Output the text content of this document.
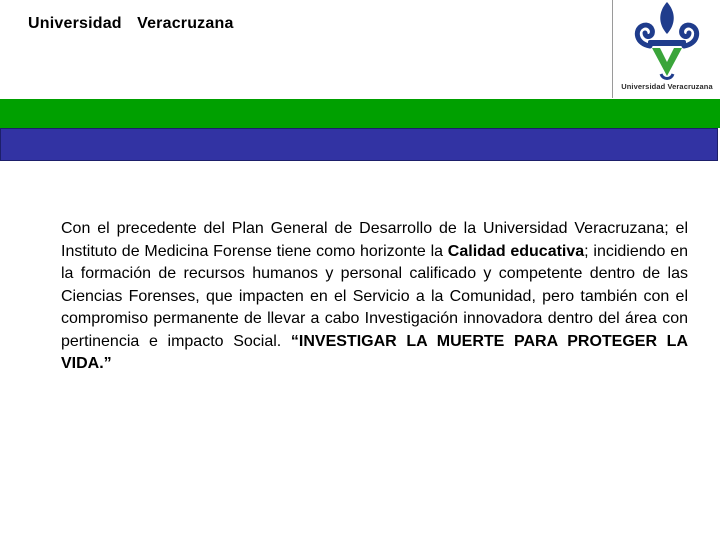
Universidad  Veracruzana
Universidad Veracruzana
Con el precedente del Plan General de Desarrollo de la Universidad Veracruzana; el Instituto de Medicina Forense tiene como horizonte la Calidad educativa; incidiendo en la formación de recursos humanos y personal calificado y competente dentro de las Ciencias Forenses, que impacten en el Servicio a la Comunidad, pero también con el compromiso permanente de llevar a cabo Investigación innovadora dentro del área con pertinencia e impacto Social. “INVESTIGAR LA MUERTE PARA PROTEGER LA VIDA.”
